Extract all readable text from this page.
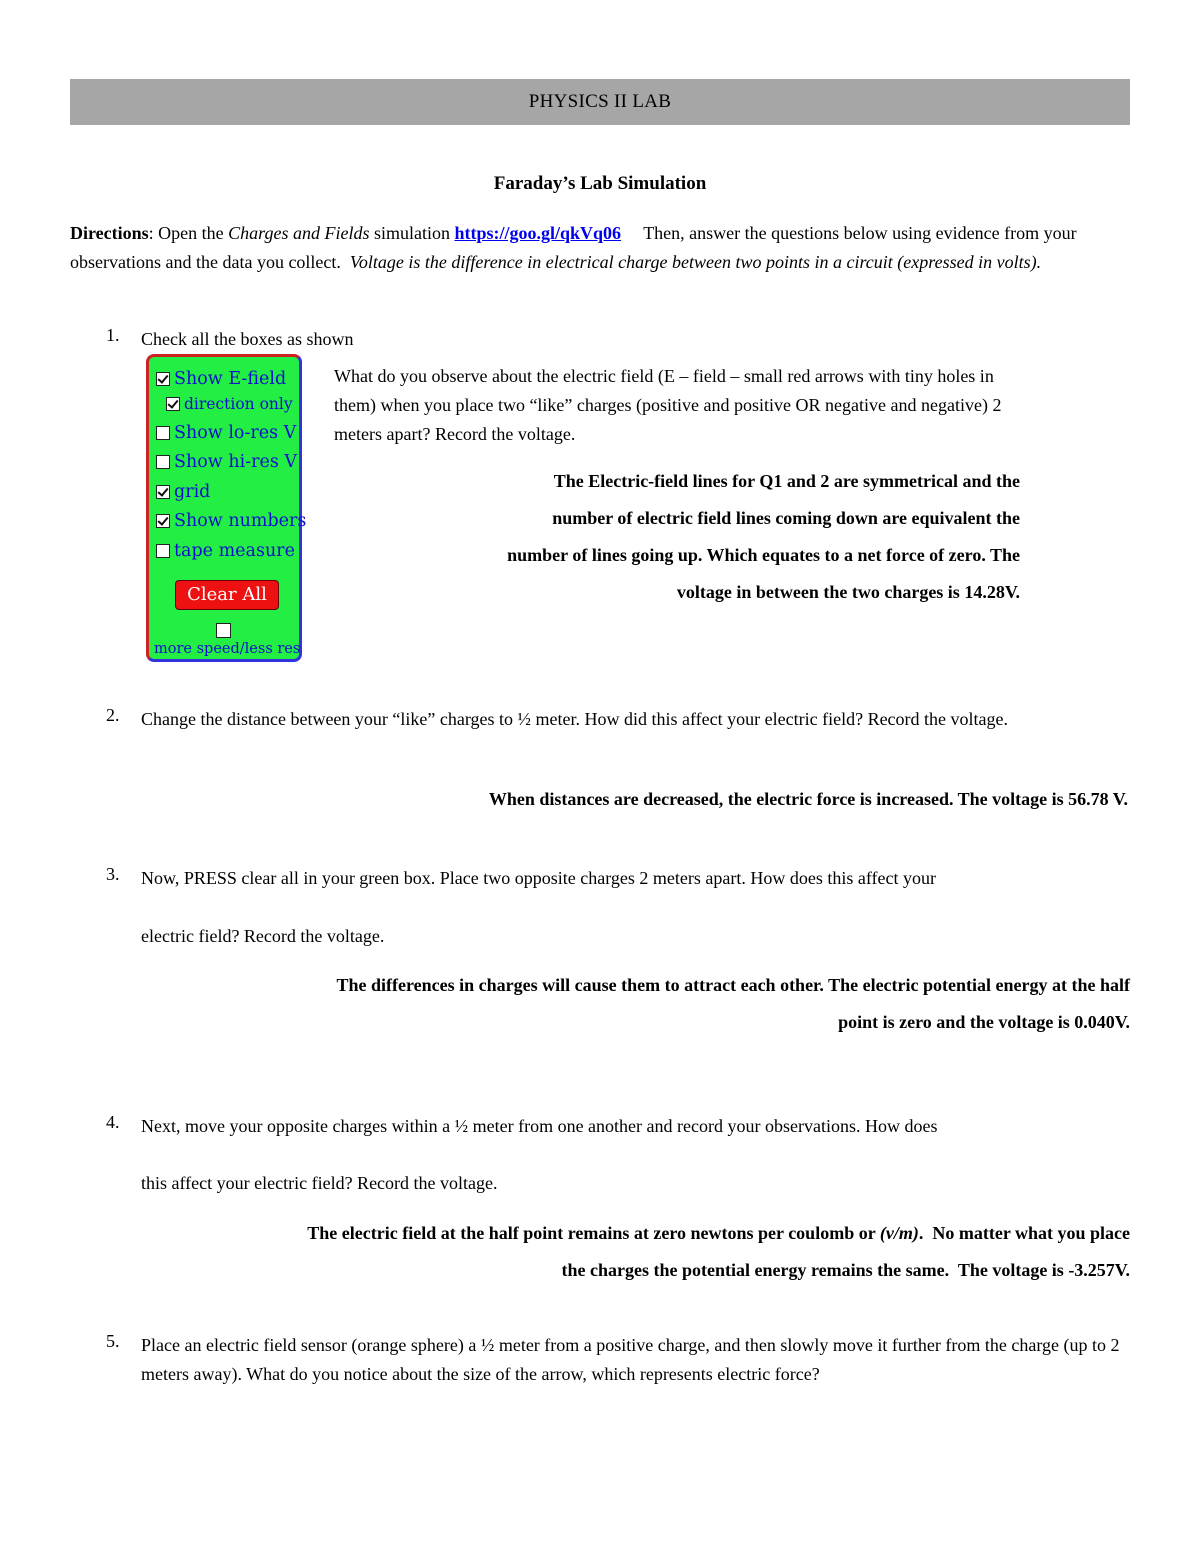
PHYSICS II LAB
Faraday’s Lab Simulation
Directions: Open the Charges and Fields simulation https://goo.gl/qkVq06     Then, answer the questions below using evidence from your observations and the data you collect.  Voltage is the difference in electrical charge between two points in a circuit (expressed in volts).
1. Check all the boxes as shown
Show E-field
direction only
Show lo-res V
Show hi-res V
grid
Show numbers
tape measure
Clear All
more speed/less res
What do you observe about the electric field (E – field – small red arrows with tiny holes in them) when you place two “like” charges (positive and positive OR negative and negative) 2 meters apart? Record the voltage.
The Electric-field lines for Q1 and 2 are symmetrical and the
number of electric field lines coming down are equivalent the
number of lines going up. Which equates to a net force of zero. The
voltage in between the two charges is 14.28V.
2. Change the distance between your “like” charges to ½ meter. How did this affect your electric field? Record the voltage.
When distances are decreased, the electric force is increased. The voltage is 56.78 V.
3. Now, PRESS clear all in your green box. Place two opposite charges 2 meters apart. How does this affect your
electric field? Record the voltage.
The differences in charges will cause them to attract each other. The electric potential energy at the half
point is zero and the voltage is 0.040V.
4. Next, move your opposite charges within a ½ meter from one another and record your observations. How does
this affect your electric field? Record the voltage.
The electric field at the half point remains at zero newtons per coulomb or (v/m).  No matter what you place
the charges the potential energy remains the same.  The voltage is -3.257V.
5. Place an electric field sensor (orange sphere) a ½ meter from a positive charge, and then slowly move it further from the charge (up to 2 meters away). What do you notice about the size of the arrow, which represents electric force?
